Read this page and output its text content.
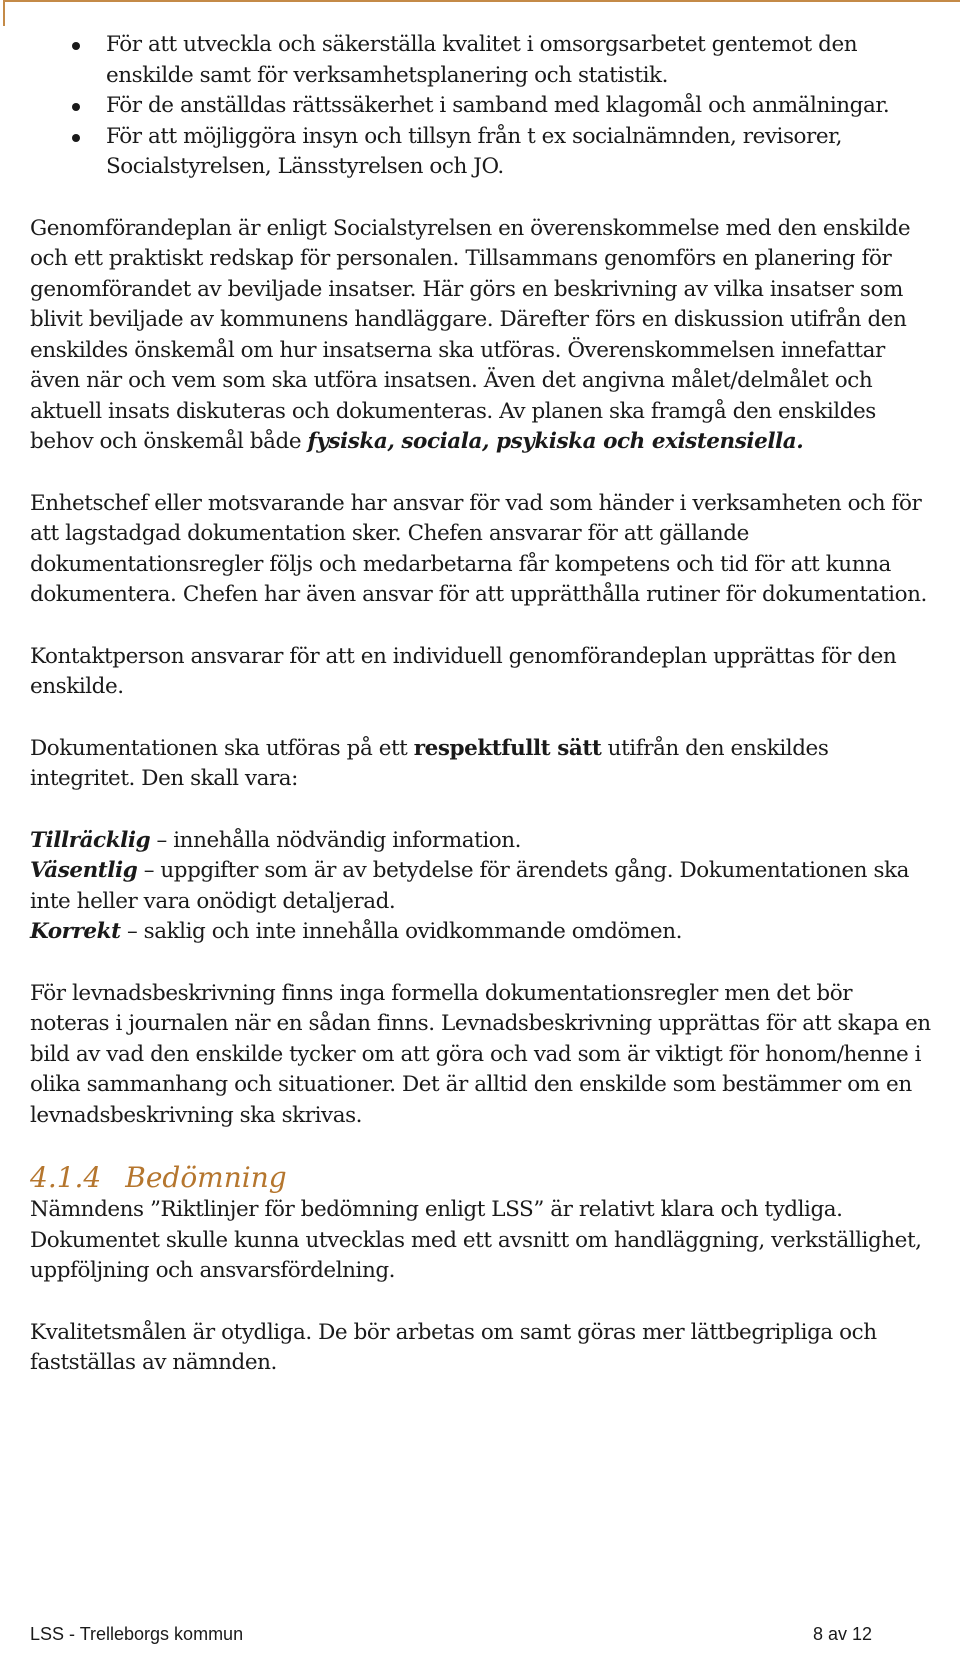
För att utveckla och säkerställa kvalitet i omsorgsarbetet gentemot den enskilde samt för verksamhetsplanering och statistik.
För de anställdas rättssäkerhet i samband med klagomål och anmälningar.
För att möjliggöra insyn och tillsyn från t ex socialnämnden, revisorer, Socialstyrelsen, Länsstyrelsen och JO.

Genomförandeplan är enligt Socialstyrelsen en överenskommelse med den enskilde och ett praktiskt redskap för personalen. Tillsammans genomförs en planering för genomförandet av beviljade insatser. Här görs en beskrivning av vilka insatser som blivit beviljade av kommunens handläggare. Därefter förs en diskussion utifrån den enskildes önskemål om hur insatserna ska utföras. Överenskommelsen innefattar även när och vem som ska utföra insatsen. Även det angivna målet/delmålet och aktuell insats diskuteras och dokumenteras. Av planen ska framgå den enskildes behov och önskemål både fysiska, sociala, psykiska och existensiella.

Enhetschef eller motsvarande har ansvar för vad som händer i verksamheten och för att lagstadgad dokumentation sker. Chefen ansvarar för att gällande dokumentationsregler följs och medarbetarna får kompetens och tid för att kunna dokumentera. Chefen har även ansvar för att upprätthålla rutiner för dokumentation.

Kontaktperson ansvarar för att en individuell genomförandeplan upprättas för den enskilde.

Dokumentationen ska utföras på ett respektfullt sätt utifrån den enskildes integritet. Den skall vara:

Tillräcklig – innehålla nödvändig information.

Väsentlig – uppgifter som är av betydelse för ärendets gång. Dokumentationen ska inte heller vara onödigt detaljerad.

Korrekt – saklig och inte innehålla ovidkommande omdömen.

För levnadsbeskrivning finns inga formella dokumentationsregler men det bör noteras i journalen när en sådan finns. Levnadsbeskrivning upprättas för att skapa en bild av vad den enskilde tycker om att göra och vad som är viktigt för honom/henne i olika sammanhang och situationer. Det är alltid den enskilde som bestämmer om en levnadsbeskrivning ska skrivas.

4.1.4 Bedömning

Nämndens ”Riktlinjer för bedömning enligt LSS” är relativt klara och tydliga. Dokumentet skulle kunna utvecklas med ett avsnitt om handläggning, verkställighet, uppföljning och ansvarsfördelning.

Kvalitetsmålen är otydliga. De bör arbetas om samt göras mer lättbegripliga och fastställas av nämnden.

LSS - Trelleborgs kommun	8 av 12
